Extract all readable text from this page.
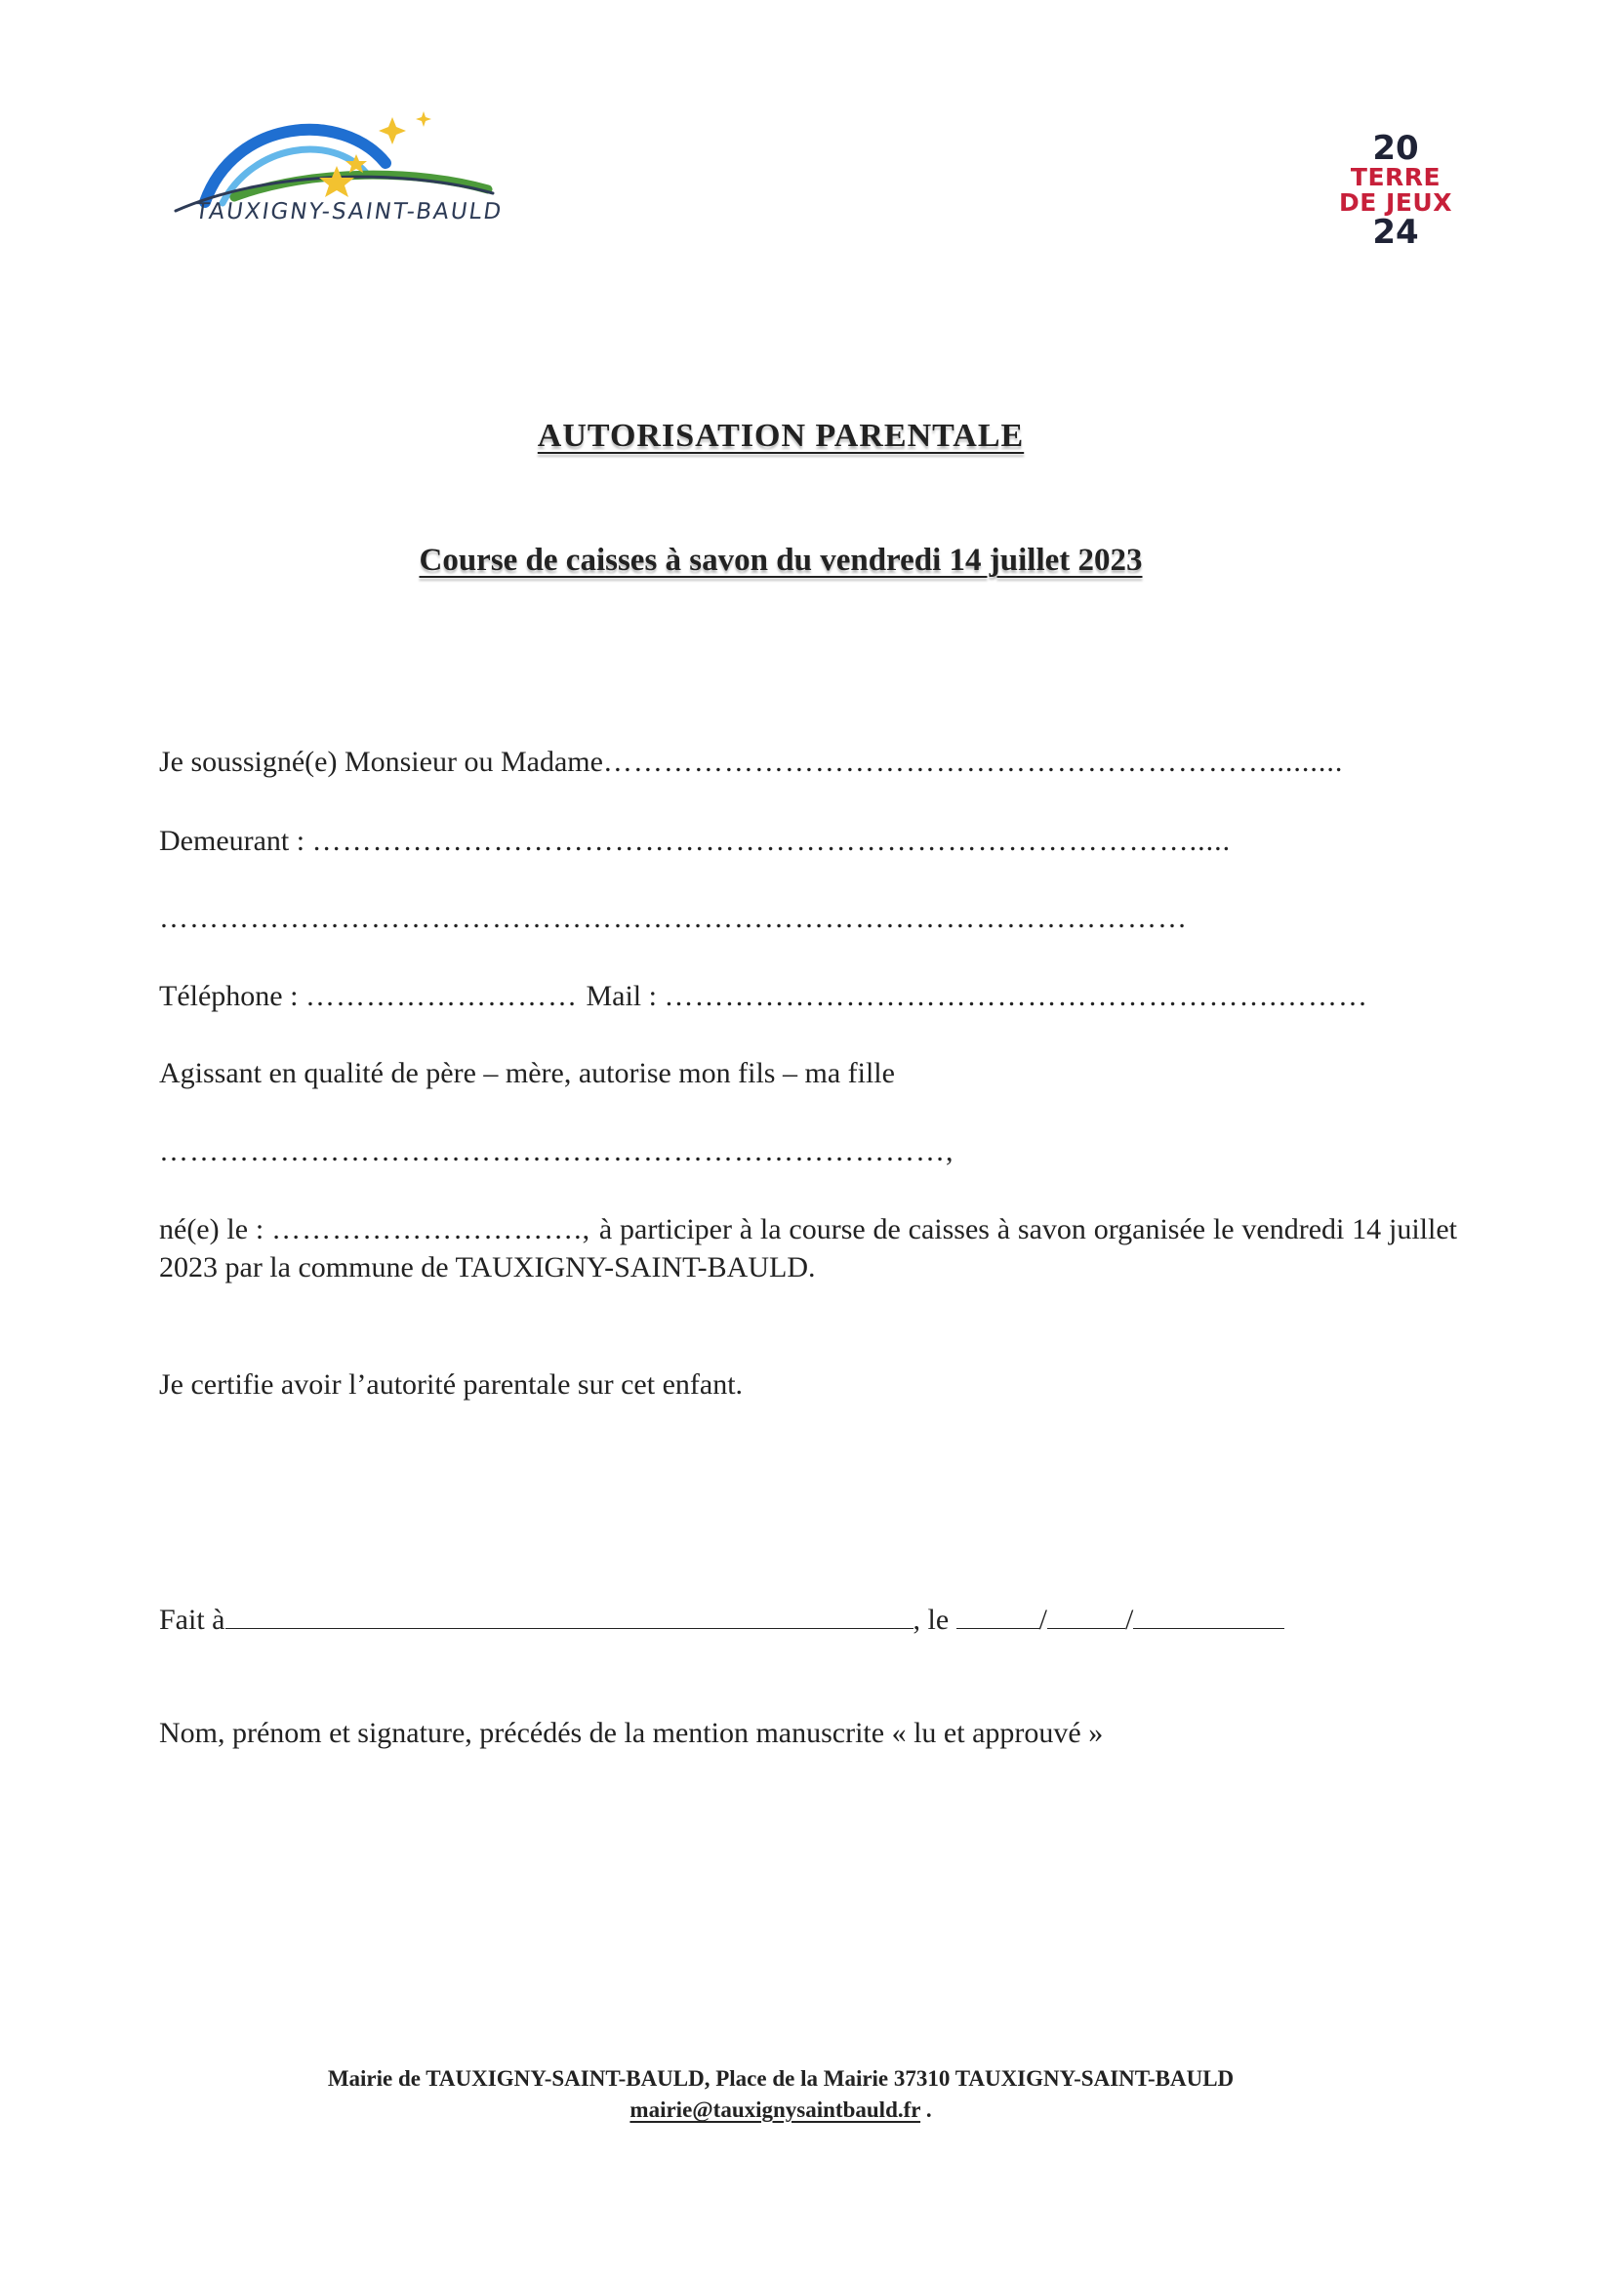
TAUXIGNY-SAINT-BAULD
20
TERRE
DE JEUX
24
AUTORISATION PARENTALE
Course de caisses à savon du vendredi 14 juillet 2023
Je soussigné(e) Monsieur ou Madame………………………………………………………….........
Demeurant : …………………………………………………………………………….....
…………………………………………………………………………………………
Téléphone : ……………………… Mail : …………………………………………………….………
Agissant en qualité de père – mère, autorise mon fils – ma fille
……………………………………………………………………,
né(e) le : …………………………., à participer à la course de caisses à savon organisée le vendredi 14 juillet 2023 par la commune de TAUXIGNY-SAINT-BAULD.
Je certifie avoir l’autorité parentale sur cet enfant.
Fait à	, le	/	/
Nom, prénom et signature, précédés de la mention manuscrite « lu et approuvé »
Mairie de TAUXIGNY-SAINT-BAULD, Place de la Mairie 37310 TAUXIGNY-SAINT-BAULD
mairie@tauxignysaintbauld.fr .
